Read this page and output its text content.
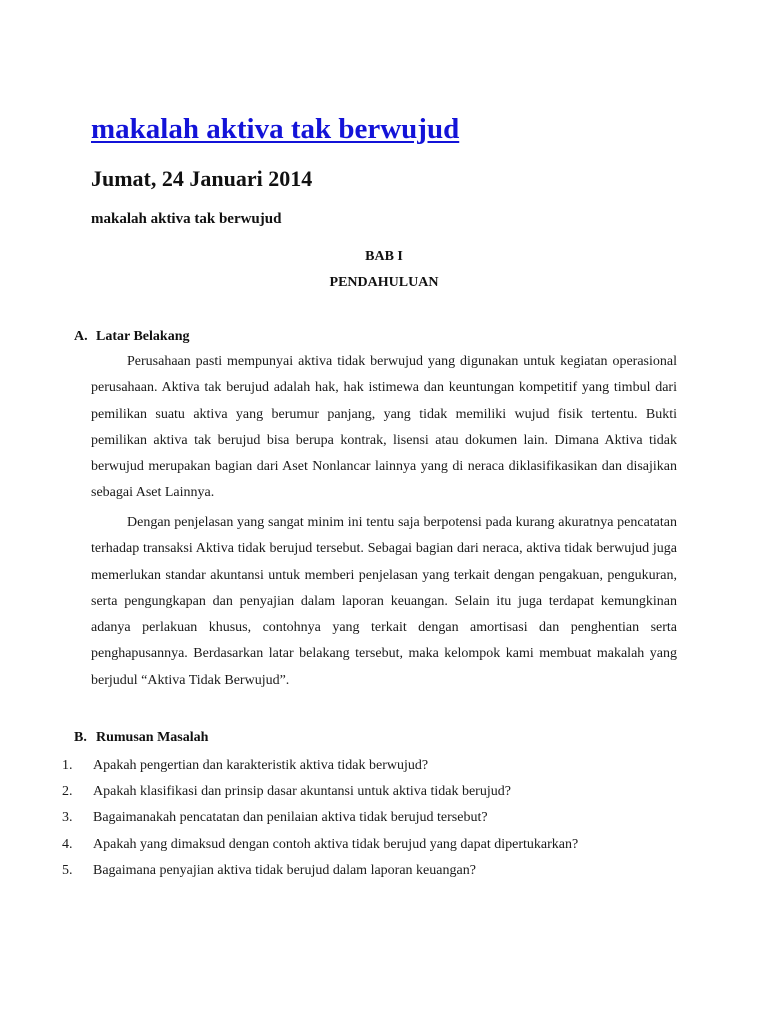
makalah aktiva tak berwujud
Jumat, 24 Januari 2014
makalah aktiva tak berwujud

BAB I

PENDAHULUAN

A. Latar Belakang

Perusahaan pasti mempunyai aktiva tidak berwujud yang digunakan untuk kegiatan operasional perusahaan. Aktiva tak berujud adalah hak, hak istimewa dan keuntungan kompetitif yang timbul dari pemilikan suatu aktiva yang berumur panjang, yang tidak memiliki wujud fisik tertentu. Bukti pemilikan aktiva tak berujud bisa berupa kontrak, lisensi atau dokumen lain. Dimana Aktiva tidak berwujud merupakan bagian dari Aset Nonlancar lainnya yang di neraca diklasifikasikan dan disajikan sebagai Aset Lainnya.

Dengan penjelasan yang sangat minim ini tentu saja berpotensi pada kurang akuratnya pencatatan terhadap transaksi Aktiva tidak berujud tersebut. Sebagai bagian dari neraca, aktiva tidak berwujud juga memerlukan standar akuntansi untuk memberi penjelasan yang terkait dengan pengakuan, pengukuran, serta pengungkapan dan penyajian dalam laporan keuangan. Selain itu juga terdapat kemungkinan adanya perlakuan khusus, contohnya yang terkait dengan amortisasi dan penghentian serta penghapusannya. Berdasarkan latar belakang tersebut, maka kelompok kami membuat makalah yang berjudul “Aktiva Tidak Berwujud”.

B. Rumusan Masalah

1. Apakah pengertian dan karakteristik aktiva tidak berwujud?
2. Apakah klasifikasi dan prinsip dasar akuntansi untuk aktiva tidak berujud?
3. Bagaimanakah pencatatan dan penilaian aktiva tidak berujud tersebut?
4. Apakah yang dimaksud dengan contoh aktiva tidak berujud yang dapat dipertukarkan?
5. Bagaimana penyajian aktiva tidak berujud dalam laporan keuangan?
